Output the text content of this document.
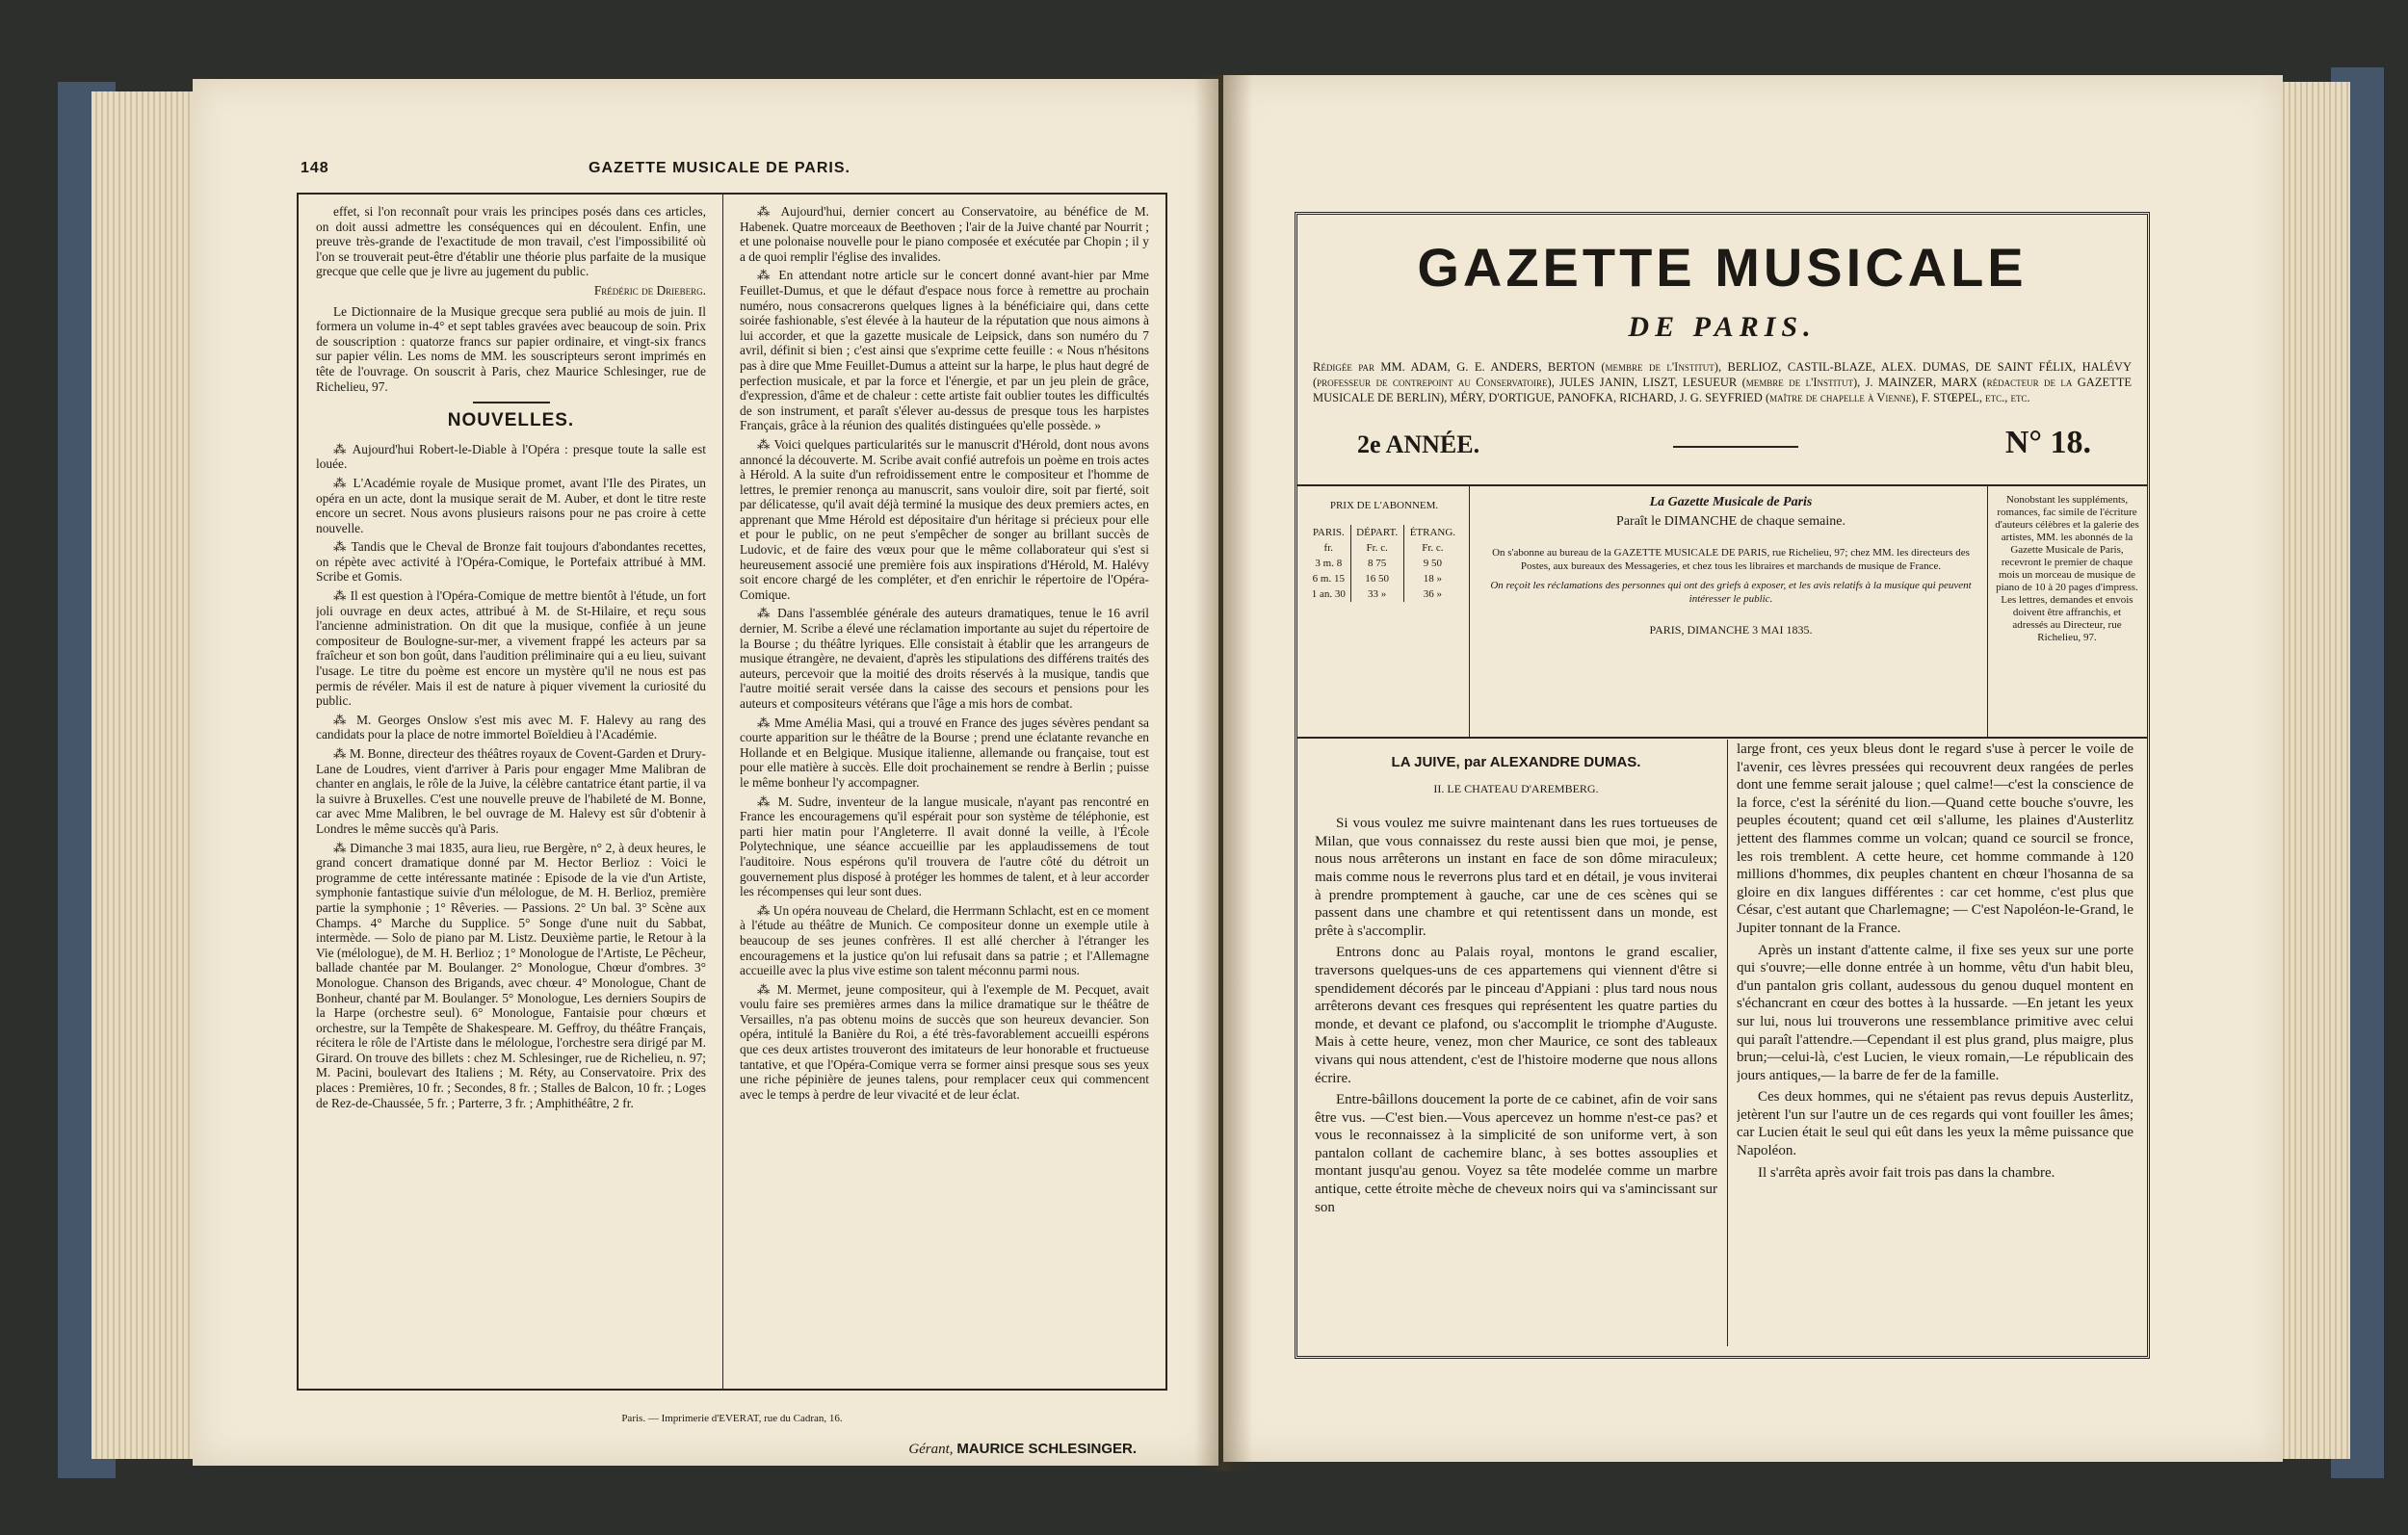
148	GAZETTE MUSICALE DE PARIS.

effet, si l'on reconnaît pour vrais les principes posés dans ces articles, on doit aussi admettre les conséquences qui en découlent. Enfin, une preuve très-grande de l'exactitude de mon travail, c'est l'impossibilité où l'on se trouverait peut-être d'établir une théorie plus parfaite de la musique grecque que celle que je livre au jugement du public.

Frédéric de Drieberg.

Le Dictionnaire de la Musique grecque sera publié au mois de juin. Il formera un volume in-4° et sept tables gravées avec beaucoup de soin. Prix de souscription : quatorze francs sur papier ordinaire, et vingt-six francs sur papier vélin. Les noms de MM. les souscripteurs seront imprimés en tête de l'ouvrage. On souscrit à Paris, chez Maurice Schlesinger, rue de Richelieu, 97.

NOUVELLES.

⁂ Aujourd'hui Robert-le-Diable à l'Opéra : presque toute la salle est louée.

⁂ L'Académie royale de Musique promet, avant l'Ile des Pirates, un opéra en un acte, dont la musique serait de M. Auber, et dont le titre reste encore un secret. Nous avons plusieurs raisons pour ne pas croire à cette nouvelle.

⁂ Tandis que le Cheval de Bronze fait toujours d'abondantes recettes, on répète avec activité à l'Opéra-Comique, le Portefaix attribué à MM. Scribe et Gomis.

⁂ Il est question à l'Opéra-Comique de mettre bientôt à l'étude, un fort joli ouvrage en deux actes, attribué à M. de St-Hilaire, et reçu sous l'ancienne administration. On dit que la musique, confiée à un jeune compositeur de Boulogne-sur-mer, a vivement frappé les acteurs par sa fraîcheur et son bon goût, dans l'audition préliminaire qui a eu lieu, suivant l'usage. Le titre du poème est encore un mystère qu'il ne nous est pas permis de révéler. Mais il est de nature à piquer vivement la curiosité du public.

⁂ M. Georges Onslow s'est mis avec M. F. Halevy au rang des candidats pour la place de notre immortel Boïeldieu à l'Académie.

⁂ M. Bonne, directeur des théâtres royaux de Covent-Garden et Drury-Lane de Loudres, vient d'arriver à Paris pour engager Mme Malibran de chanter en anglais, le rôle de la Juive, la célèbre cantatrice étant partie, il va la suivre à Bruxelles. C'est une nouvelle preuve de l'habileté de M. Bonne, car avec Mme Malibren, le bel ouvrage de M. Halevy est sûr d'obtenir à Londres le même succès qu'à Paris.

⁂ Dimanche 3 mai 1835, aura lieu, rue Bergère, n° 2, à deux heures, le grand concert dramatique donné par M. Hector Berlioz : Voici le programme de cette intéressante matinée : Episode de la vie d'un Artiste, symphonie fantastique suivie d'un mélologue, de M. H. Berlioz, première partie la symphonie ; 1° Rêveries. — Passions. 2° Un bal. 3° Scène aux Champs. 4° Marche du Supplice. 5° Songe d'une nuit du Sabbat, intermède. — Solo de piano par M. Listz. Deuxième partie, le Retour à la Vie (mélologue), de M. H. Berlioz ; 1° Monologue de l'Artiste, Le Pêcheur, ballade chantée par M. Boulanger. 2° Monologue, Chœur d'ombres. 3° Monologue. Chanson des Brigands, avec chœur. 4° Monologue, Chant de Bonheur, chanté par M. Boulanger. 5° Monologue, Les derniers Soupirs de la Harpe (orchestre seul). 6° Monologue, Fantaisie pour chœurs et orchestre, sur la Tempête de Shakespeare. M. Geffroy, du théâtre Français, récitera le rôle de l'Artiste dans le mélologue, l'orchestre sera dirigé par M. Girard. On trouve des billets : chez M. Schlesinger, rue de Richelieu, n. 97; M. Pacini, boulevart des Italiens ; M. Réty, au Conservatoire. Prix des places : Premières, 10 fr. ; Secondes, 8 fr. ; Stalles de Balcon, 10 fr. ; Loges de Rez-de-Chaussée, 5 fr. ; Parterre, 3 fr. ; Amphithéâtre, 2 fr.

⁂ Aujourd'hui, dernier concert au Conservatoire, au bénéfice de M. Habenek. Quatre morceaux de Beethoven ; l'air de la Juive chanté par Nourrit ; et une polonaise nouvelle pour le piano composée et exécutée par Chopin ; il y a de quoi remplir l'église des invalides.

⁂ En attendant notre article sur le concert donné avant-hier par Mme Feuillet-Dumus, et que le défaut d'espace nous force à remettre au prochain numéro, nous consacrerons quelques lignes à la bénéficiaire qui, dans cette soirée fashionable, s'est élevée à la hauteur de la réputation que nous aimons à lui accorder, et que la gazette musicale de Leipsick, dans son numéro du 7 avril, définit si bien ; c'est ainsi que s'exprime cette feuille : « Nous n'hésitons pas à dire que Mme Feuillet-Dumus a atteint sur la harpe, le plus haut degré de perfection musicale, et par la force et l'énergie, et par un jeu plein de grâce, d'expression, d'âme et de chaleur : cette artiste fait oublier toutes les difficultés de son instrument, et paraît s'élever au-dessus de presque tous les harpistes Français, grâce à la réunion des qualités distinguées qu'elle possède. »

⁂ Voici quelques particularités sur le manuscrit d'Hérold, dont nous avons annoncé la découverte. M. Scribe avait confié autrefois un poème en trois actes à Hérold. A la suite d'un refroidissement entre le compositeur et l'homme de lettres, le premier renonça au manuscrit, sans vouloir dire, soit par fierté, soit par délicatesse, qu'il avait déjà terminé la musique des deux premiers actes, en apprenant que Mme Hérold est dépositaire d'un héritage si précieux pour elle et pour le public, on ne peut s'empêcher de songer au brillant succès de Ludovic, et de faire des vœux pour que le même collaborateur qui s'est si heureusement associé une première fois aux inspirations d'Hérold, M. Halévy soit encore chargé de les compléter, et d'en enrichir le répertoire de l'Opéra-Comique.

⁂ Dans l'assemblée générale des auteurs dramatiques, tenue le 16 avril dernier, M. Scribe a élevé une réclamation importante au sujet du répertoire de la Bourse ; du théâtre lyriques. Elle consistait à établir que les arrangeurs de musique étrangère, ne devaient, d'après les stipulations des différens traités des auteurs, percevoir que la moitié des droits réservés à la musique, tandis que l'autre moitié serait versée dans la caisse des secours et pensions pour les auteurs et compositeurs vétérans que l'âge a mis hors de combat.

⁂ Mme Amélia Masi, qui a trouvé en France des juges sévères pendant sa courte apparition sur le théâtre de la Bourse ; prend une éclatante revanche en Hollande et en Belgique. Musique italienne, allemande ou française, tout est pour elle matière à succès. Elle doit prochainement se rendre à Berlin ; puisse le même bonheur l'y accompagner.

⁂ M. Sudre, inventeur de la langue musicale, n'ayant pas rencontré en France les encouragemens qu'il espérait pour son système de téléphonie, est parti hier matin pour l'Angleterre. Il avait donné la veille, à l'École Polytechnique, une séance accueillie par les applaudissemens de tout l'auditoire. Nous espérons qu'il trouvera de l'autre côté du détroit un gouvernement plus disposé à protéger les hommes de talent, et à leur accorder les récompenses qui leur sont dues.

⁂ Un opéra nouveau de Chelard, die Herrmann Schlacht, est en ce moment à l'étude au théâtre de Munich. Ce compositeur donne un exemple utile à beaucoup de ses jeunes confrères. Il est allé chercher à l'étranger les encouragemens et la justice qu'on lui refusait dans sa patrie ; et l'Allemagne accueille avec la plus vive estime son talent méconnu parmi nous.

⁂ M. Mermet, jeune compositeur, qui à l'exemple de M. Pecquet, avait voulu faire ses premières armes dans la milice dramatique sur le théâtre de Versailles, n'a pas obtenu moins de succès que son heureux devancier. Son opéra, intitulé la Banière du Roi, a été très-favorablement accueilli espérons que ces deux artistes trouveront des imitateurs de leur honorable et fructueuse tantative, et que l'Opéra-Comique verra se former ainsi presque sous ses yeux une riche pépinière de jeunes talens, pour remplacer ceux qui commencent avec le temps à perdre de leur vivacité et de leur éclat.

Gérant, MAURICE SCHLESINGER.
Paris. — Imprimerie d'EVERAT, rue du Cadran, 16.
GAZETTE MUSICALE
DE PARIS.
Rédigée par MM. ADAM, G. E. ANDERS, BERTON (membre de l'Institut), BERLIOZ, CASTIL-BLAZE, ALEX. DUMAS, DE SAINT FÉLIX, HALÉVY (professeur de contrepoint au Conservatoire), JULES JANIN, LISZT, LESUEUR (membre de l'Institut), J. MAINZER, MARX (rédacteur de la GAZETTE MUSICALE DE BERLIN), MÉRY, D'ORTIGUE, PANOFKA, RICHARD, J. G. SEYFRIED (maître de chapelle à Vienne), F. STŒPEL, etc., etc.
2e ANNÉE.	N° 18.
PRIX DE L'ABONNEM.
PARIS.	DÉPART.	ÉTRANG.
fr.	Fr. c.	Fr. c.
3 m. 8	8 75	9 50
6 m. 15	16 50	18 »
1 an. 30	33 »	36 »
La Gazette Musicale de Paris
Paraît le DIMANCHE de chaque semaine.
On s'abonne au bureau de la GAZETTE MUSICALE DE PARIS, rue Richelieu, 97; chez MM. les directeurs des Postes, aux bureaux des Messageries, et chez tous les libraires et marchands de musique de France.
On reçoit les réclamations des personnes qui ont des griefs à exposer, et les avis relatifs à la musique qui peuvent intéresser le public.
PARIS, DIMANCHE 3 MAI 1835.
Nonobstant les suppléments, romances, fac simile de l'écriture d'auteurs célèbres et la galerie des artistes, MM. les abonnés de la Gazette Musicale de Paris, recevront le premier de chaque mois un morceau de musique de piano de 10 à 20 pages d'impress. Les lettres, demandes et envois doivent être affranchis, et adressés au Directeur, rue Richelieu, 97.
LA JUIVE, par ALEXANDRE DUMAS.
II. LE CHATEAU D'AREMBERG.

Si vous voulez me suivre maintenant dans les rues tortueuses de Milan, que vous connaissez du reste aussi bien que moi, je pense, nous nous arrêterons un instant en face de son dôme miraculeux; mais comme nous le reverrons plus tard et en détail, je vous inviterai à prendre promptement à gauche, car une de ces scènes qui se passent dans une chambre et qui retentissent dans un monde, est prête à s'accomplir.

Entrons donc au Palais royal, montons le grand escalier, traversons quelques-uns de ces appartemens qui viennent d'être si spendidement décorés par le pinceau d'Appiani : plus tard nous nous arrêterons devant ces fresques qui représentent les quatre parties du monde, et devant ce plafond, ou s'accomplit le triomphe d'Auguste. Mais à cette heure, venez, mon cher Maurice, ce sont des tableaux vivans qui nous attendent, c'est de l'histoire moderne que nous allons écrire.

Entre-bâillons doucement la porte de ce cabinet, afin de voir sans être vus. —C'est bien.—Vous apercevez un homme n'est-ce pas? et vous le reconnaissez à la simplicité de son uniforme vert, à son pantalon collant de cachemire blanc, à ses bottes assouplies et montant jusqu'au genou. Voyez sa tête modelée comme un marbre antique, cette étroite mèche de cheveux noirs qui va s'amincissant sur son

large front, ces yeux bleus dont le regard s'use à percer le voile de l'avenir, ces lèvres pressées qui recouvrent deux rangées de perles dont une femme serait jalouse ; quel calme!—c'est la conscience de la force, c'est la sérénité du lion.—Quand cette bouche s'ouvre, les peuples écoutent; quand cet œil s'allume, les plaines d'Austerlitz jettent des flammes comme un volcan; quand ce sourcil se fronce, les rois tremblent. A cette heure, cet homme commande à 120 millions d'hommes, dix peuples chantent en chœur l'hosanna de sa gloire en dix langues différentes : car cet homme, c'est plus que César, c'est autant que Charlemagne; — C'est Napoléon-le-Grand, le Jupiter tonnant de la France.

Après un instant d'attente calme, il fixe ses yeux sur une porte qui s'ouvre;—elle donne entrée à un homme, vêtu d'un habit bleu, d'un pantalon gris collant, audessous du genou duquel montent en s'échancrant en cœur des bottes à la hussarde. —En jetant les yeux sur lui, nous lui trouverons une ressemblance primitive avec celui qui paraît l'attendre.—Cependant il est plus grand, plus maigre, plus brun;—celui-là, c'est Lucien, le vieux romain,—Le républicain des jours antiques,— la barre de fer de la famille.

Ces deux hommes, qui ne s'étaient pas revus depuis Austerlitz, jetèrent l'un sur l'autre un de ces regards qui vont fouiller les âmes; car Lucien était le seul qui eût dans les yeux la même puissance que Napoléon.

Il s'arrêta après avoir fait trois pas dans la chambre.
